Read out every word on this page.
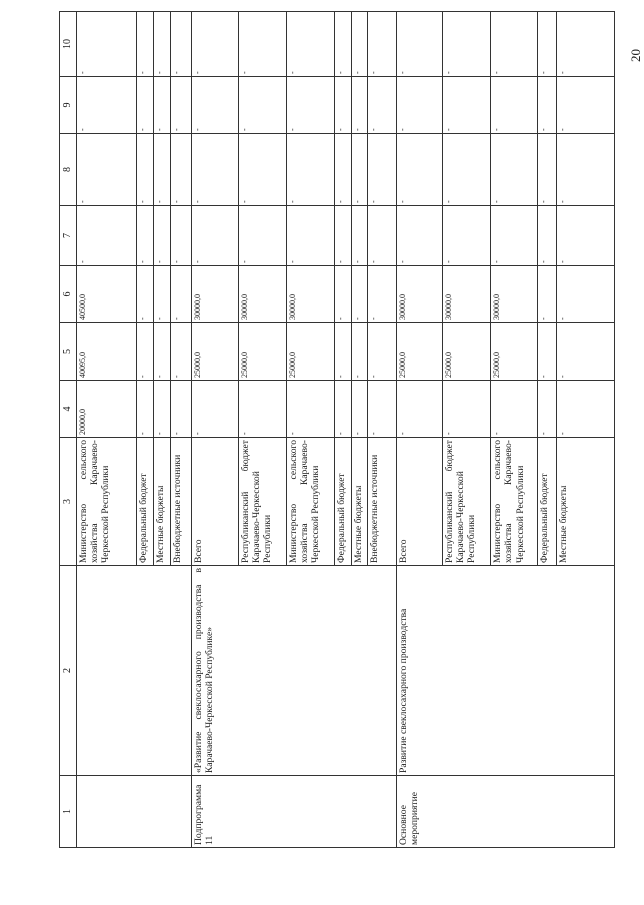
20
1	2	3	4	5	6	7	8	9	10
		Министерство сельского хозяйства Карачаево-Черкесской Республики	20000,0	40095,0	40500,0	-	-	-	-
		Федеральный бюджет	-	-	-	-	-	-	-
		Местные бюджеты	-	-	-	-	-	-	-
		Внебюджетные источники	-	-	-	-	-	-	-
Подпрограмма 11	«Развитие свеклосахарного производства в Карачаево-Черкесской Республике»	Всего	-	25000,0	30000,0	-	-	-	-
		Республиканский бюджет Карачаево-Черкесской Республики	-	25000,0	30000,0	-	-	-	-
		Министерство сельского хозяйства Карачаево-Черкесской Республики	-	25000,0	30000,0	-	-	-	-
		Федеральный бюджет	-	-	-	-	-	-	-
		Местные бюджеты	-	-	-	-	-	-	-
		Внебюджетные источники	-	-	-	-	-	-	-
Основное мероприятие	Развитие свеклосахарного производства	Всего	-	25000,0	30000,0	-	-	-	-
		Республиканский бюджет Карачаево-Черкесской Республики	-	25000,0	30000,0	-	-	-	-
		Министерство сельского хозяйства Карачаево-Черкесской Республики	-	25000,0	30000,0	-	-	-	-
		Федеральный бюджет	-	-	-	-	-	-	-
		Местные бюджеты	-	-	-	-	-	-	-
